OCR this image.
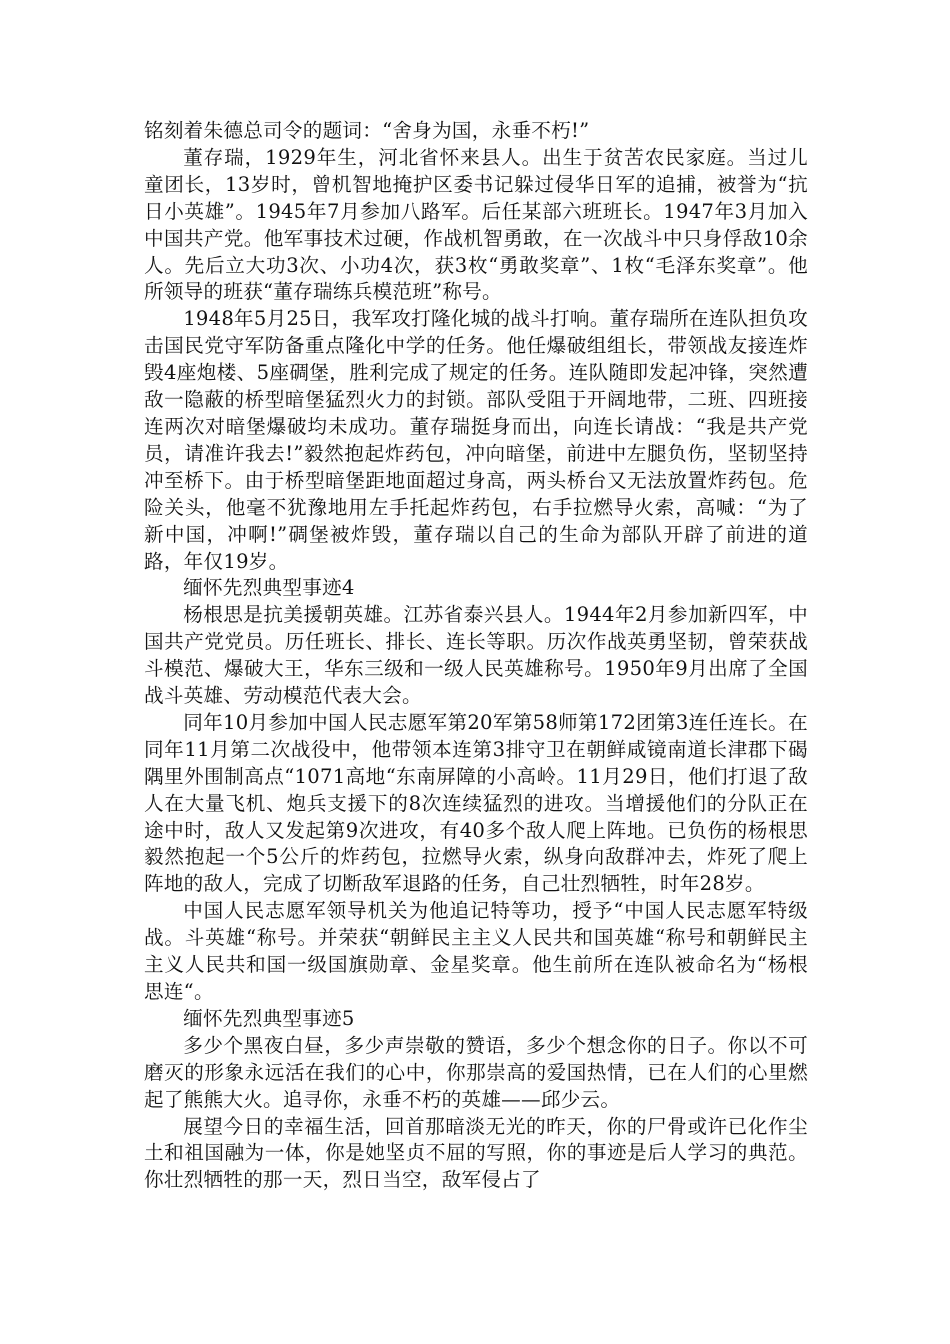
铭刻着朱德总司令的题词：“舍身为国，永垂不朽!”

董存瑞，1929年生，河北省怀来县人。出生于贫苦农民家庭。当过儿童团长，13岁时，曾机智地掩护区委书记躲过侵华日军的追捕，被誉为“抗日小英雄”。1945年7月参加八路军。后任某部六班班长。1947年3月加入中国共产党。他军事技术过硬，作战机智勇敢，在一次战斗中只身俘敌10余人。先后立大功3次、小功4次，获3枚“勇敢奖章”、1枚“毛泽东奖章”。他所领导的班获“董存瑞练兵模范班”称号。

1948年5月25日，我军攻打隆化城的战斗打响。董存瑞所在连队担负攻击国民党守军防备重点隆化中学的任务。他任爆破组组长，带领战友接连炸毁4座炮楼、5座碉堡，胜利完成了规定的任务。连队随即发起冲锋，突然遭敌一隐蔽的桥型暗堡猛烈火力的封锁。部队受阻于开阔地带，二班、四班接连两次对暗堡爆破均未成功。董存瑞挺身而出，向连长请战：“我是共产党员，请准许我去!”毅然抱起炸药包，冲向暗堡，前进中左腿负伤，坚韧坚持冲至桥下。由于桥型暗堡距地面超过身高，两头桥台又无法放置炸药包。危险关头，他毫不犹豫地用左手托起炸药包，右手拉燃导火索，高喊：“为了新中国，冲啊!”碉堡被炸毁，董存瑞以自己的生命为部队开辟了前进的道路，年仅19岁。

缅怀先烈典型事迹4

杨根思是抗美援朝英雄。江苏省泰兴县人。1944年2月参加新四军，中国共产党党员。历任班长、排长、连长等职。历次作战英勇坚韧，曾荣获战斗模范、爆破大王，华东三级和一级人民英雄称号。1950年9月出席了全国战斗英雄、劳动模范代表大会。

同年10月参加中国人民志愿军第20军第58师第172团第3连任连长。在同年11月第二次战役中，他带领本连第3排守卫在朝鲜咸镜南道长津郡下碣隅里外围制高点“1071高地“东南屏障的小高岭。11月29日，他们打退了敌人在大量飞机、炮兵支援下的8次连续猛烈的进攻。当增援他们的分队正在途中时，敌人又发起第9次进攻，有40多个敌人爬上阵地。已负伤的杨根思毅然抱起一个5公斤的炸药包，拉燃导火索，纵身向敌群冲去，炸死了爬上阵地的敌人，完成了切断敌军退路的任务，自己壮烈牺牲，时年28岁。

中国人民志愿军领导机关为他追记特等功，授予“中国人民志愿军特级战。斗英雄“称号。并荣获“朝鲜民主主义人民共和国英雄“称号和朝鲜民主主义人民共和国一级国旗勋章、金星奖章。他生前所在连队被命名为“杨根思连“。

缅怀先烈典型事迹5

多少个黑夜白昼，多少声崇敬的赞语，多少个想念你的日子。你以不可磨灭的形象永远活在我们的心中，你那崇高的爱国热情，已在人们的心里燃起了熊熊大火。追寻你，永垂不朽的英雄——邱少云。

展望今日的幸福生活，回首那暗淡无光的昨天，你的尸骨或许已化作尘土和祖国融为一体，你是她坚贞不屈的写照，你的事迹是后人学习的典范。你壮烈牺牲的那一天，烈日当空，敌军侵占了
